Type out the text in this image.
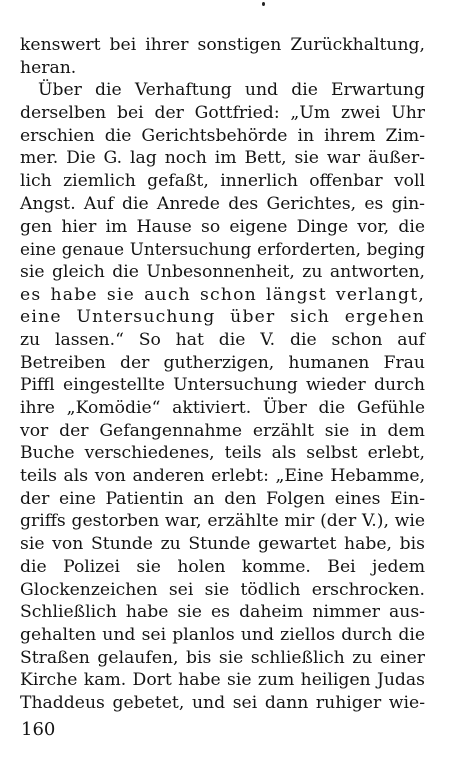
kenswert bei ihrer sonstigen Zurückhaltung,
heran.
Über die Verhaftung und die Erwartung
derselben bei der Gottfried: „Um zwei Uhr
erschien die Gerichtsbehörde in ihrem Zim-
mer. Die G. lag noch im Bett, sie war äußer-
lich ziemlich gefaßt, innerlich offenbar voll
Angst. Auf die Anrede des Gerichtes, es gin-
gen hier im Hause so eigene Dinge vor, die
eine genaue Untersuchung erforderten, beging
sie gleich die Unbesonnenheit, zu antworten,
es habe sie auch schon längst verlangt,
eine Untersuchung über sich ergehen
zu lassen.“ So hat die V. die schon auf
Betreiben der gutherzigen, humanen Frau
Piffl eingestellte Untersuchung wieder durch
ihre „Komödie“ aktiviert. Über die Gefühle
vor der Gefangennahme erzählt sie in dem
Buche verschiedenes, teils als selbst erlebt,
teils als von anderen erlebt: „Eine Hebamme,
der eine Patientin an den Folgen eines Ein-
griffs gestorben war, erzählte mir (der V.), wie
sie von Stunde zu Stunde gewartet habe, bis
die Polizei sie holen komme. Bei jedem
Glockenzeichen sei sie tödlich erschrocken.
Schließlich habe sie es daheim nimmer aus-
gehalten und sei planlos und ziellos durch die
Straßen gelaufen, bis sie schließlich zu einer
Kirche kam. Dort habe sie zum heiligen Judas
Thaddeus gebetet, und sei dann ruhiger wie-
160
